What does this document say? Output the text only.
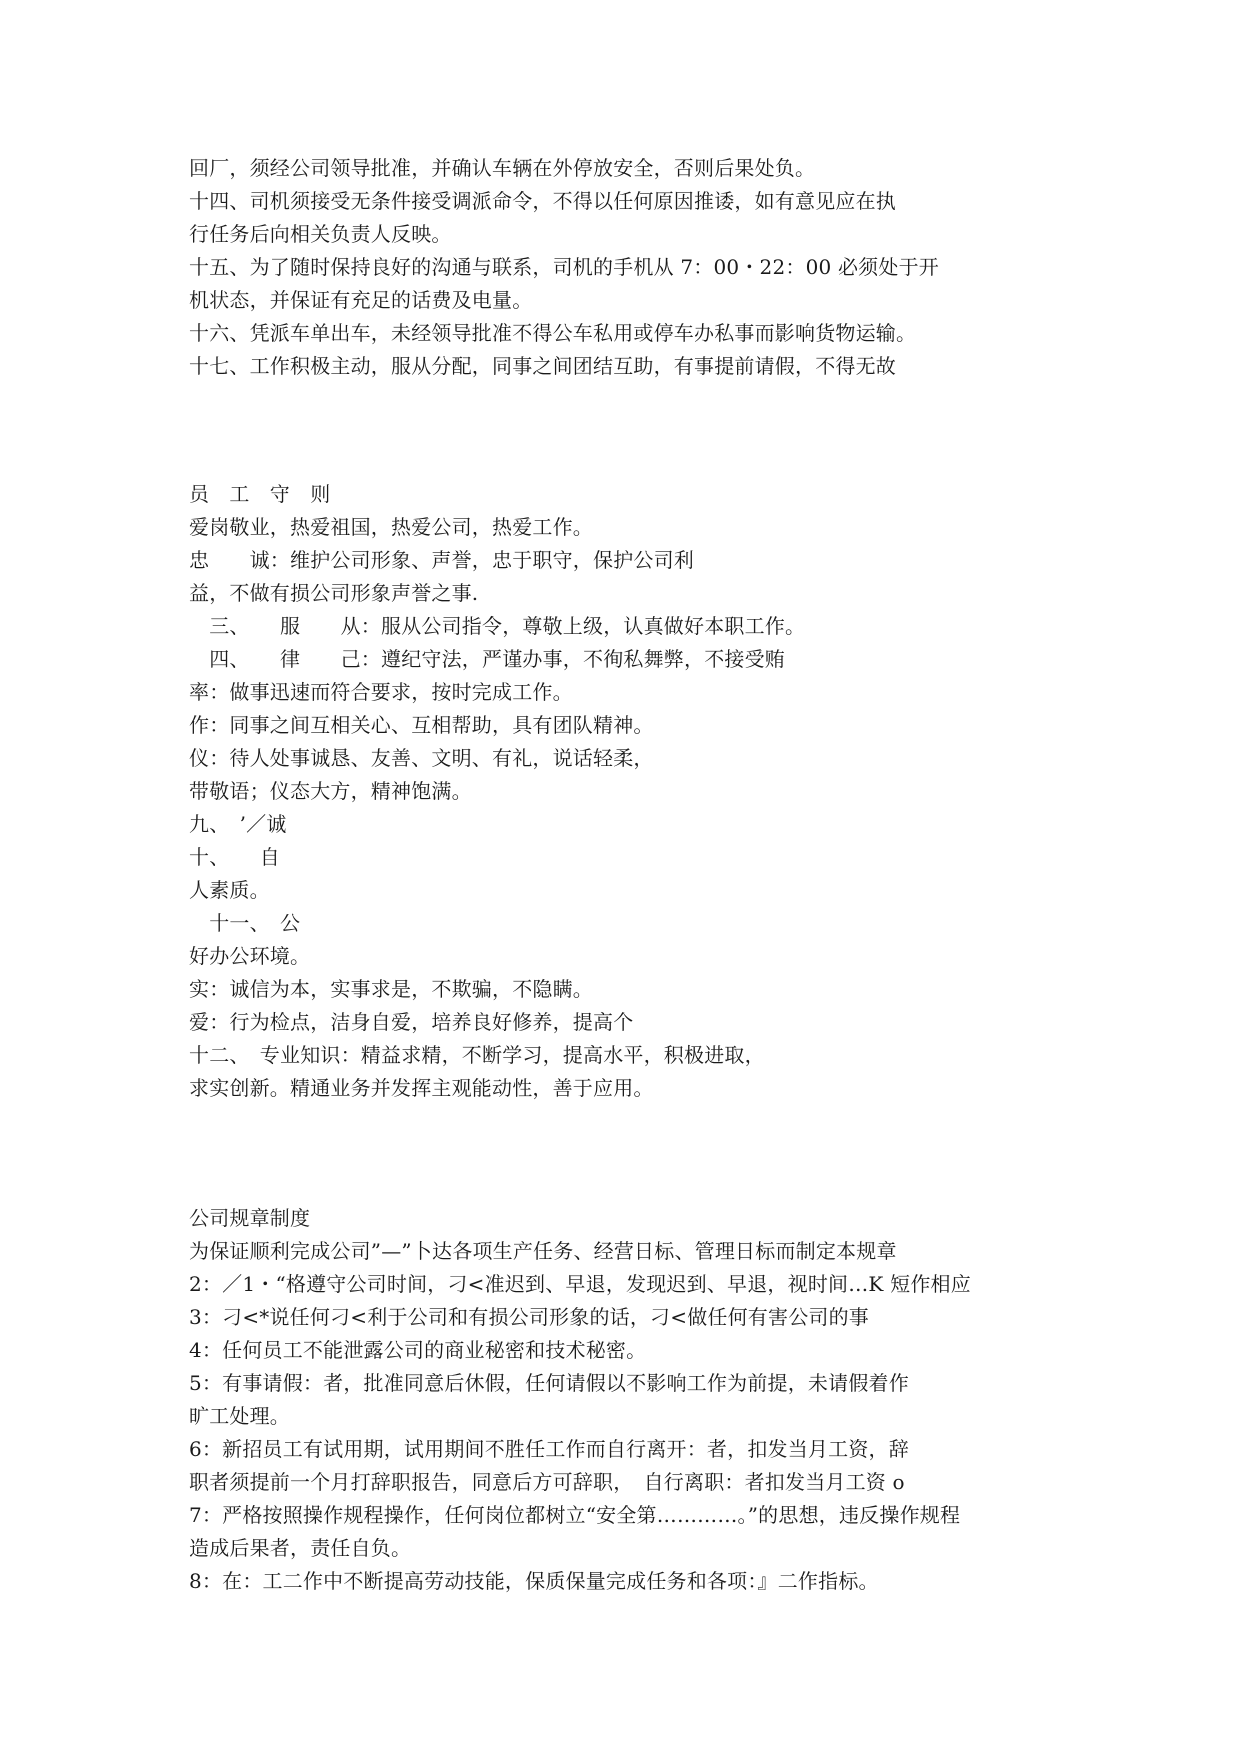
回厂，须经公司领导批准，并确认车辆在外停放安全，否则后果处负。
十四、司机须接受无条件接受调派命令，不得以任何原因推诿，如有意见应在执
行任务后向相关负责人反映。
十五、为了随时保持良好的沟通与联系，司机的手机从 7：00・22：00 必须处于开
机状态，并保证有充足的话费及电量。
十六、凭派车单出车，未经领导批准不得公车私用或停车办私事而影响货物运输。
十七、工作积极主动，服从分配，同事之间团结互助，有事提前请假，不得无故
员　工　守　则
爱岗敬业，热爱祖国，热爱公司，热爱工作。
忠　　诚：维护公司形象、声誉，忠于职守，保护公司利
益，不做有损公司形象声誉之事.
　三、　　服　　从：服从公司指令，尊敬上级，认真做好本职工作。
　四、　　律　　己：遵纪守法，严谨办事，不徇私舞弊，不接受贿
率：做事迅速而符合要求，按时完成工作。
作：同事之间互相关心、互相帮助，具有团队精神。
仪：待人处事诚恳、友善、文明、有礼，说话轻柔，
带敬语；仪态大方，精神饱满。
九、　’／诚
十、　　自
人素质。
　十一、　公
好办公环境。
实：诚信为本，实事求是，不欺骗，不隐瞒。
爱：行为检点，洁身自爱，培养良好修养，提高个
十二、　专业知识：精益求精，不断学习，提高水平，积极进取，
求实创新。精通业务并发挥主观能动性，善于应用。
公司规章制度
为保证顺利完成公司”—”卜达各项生产任务、经营日标、管理日标而制定本规章
2：／1・“格遵守公司时间，刁<准迟到、早退，发现迟到、早退，视时间…K 短作相应
3：刁<*说任何刁<利于公司和有损公司形象的话，刁<做任何有害公司的事
4：任何员工不能泄露公司的商业秘密和技术秘密。
5：有事请假：者，批准同意后休假，任何请假以不影响工作为前提，未请假着作
旷工处理。
6：新招员工有试用期，试用期间不胜任工作而自行离开：者，扣发当月工资，辞
职者须提前一个月打辞职报告，同意后方可辞职，　自行离职：者扣发当月工资 o
7：严格按照操作规程操作，任何岗位都树立“安全第…………。”的思想，违反操作规程
造成后果者，责任自负。
8：在：工二作中不断提高劳动技能，保质保量完成任务和各项：』二作指标。
